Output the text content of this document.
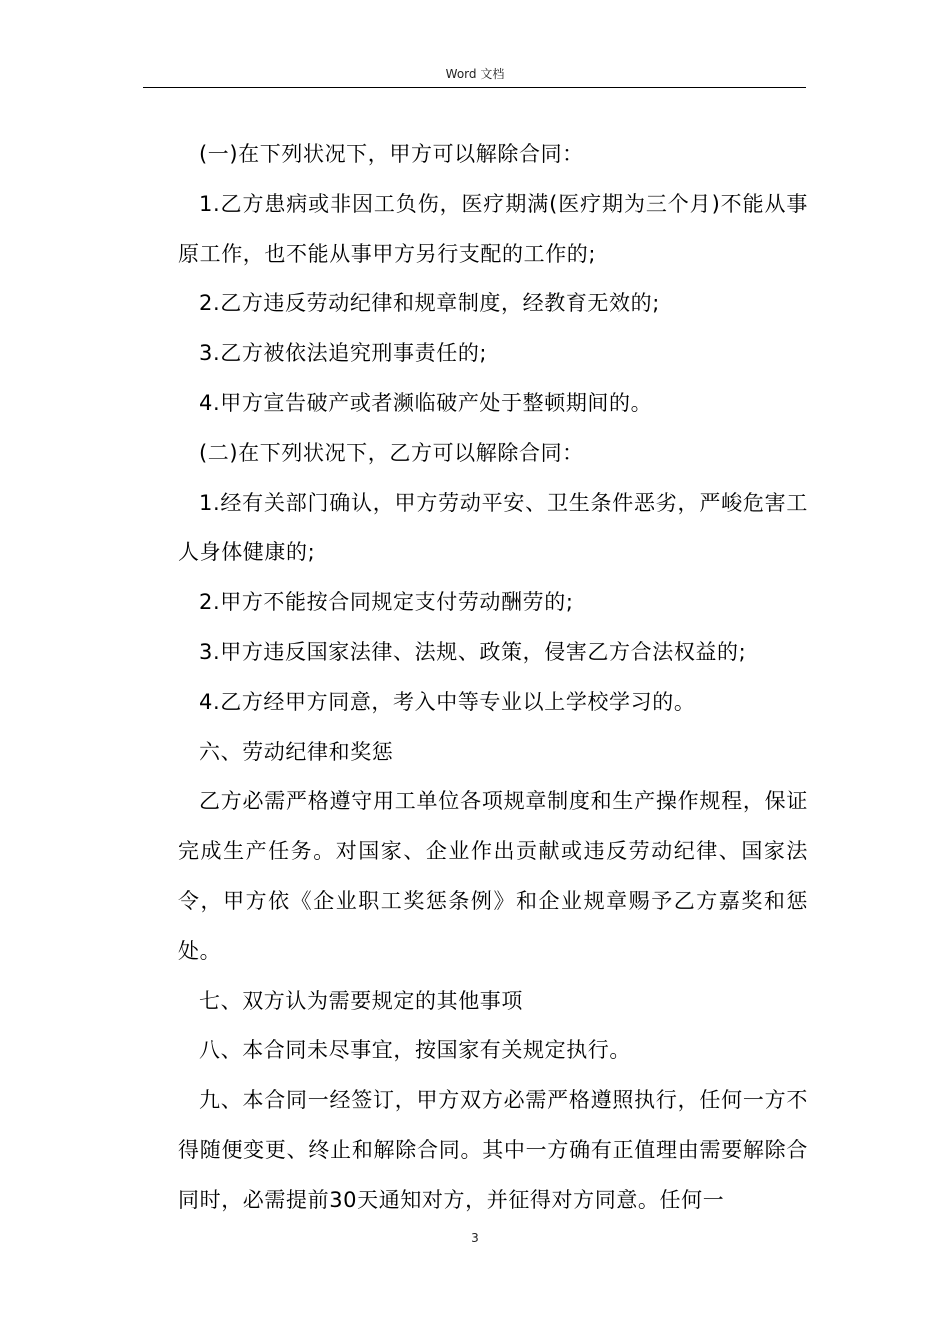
Word 文档

(一)在下列状况下，甲方可以解除合同：

1.乙方患病或非因工负伤，医疗期满(医疗期为三个月)不能从事原工作，也不能从事甲方另行支配的工作的;

2.乙方违反劳动纪律和规章制度，经教育无效的;

3.乙方被依法追究刑事责任的;

4.甲方宣告破产或者濒临破产处于整顿期间的。

(二)在下列状况下，乙方可以解除合同：

1.经有关部门确认，甲方劳动平安、卫生条件恶劣，严峻危害工人身体健康的;

2.甲方不能按合同规定支付劳动酬劳的;

3.甲方违反国家法律、法规、政策，侵害乙方合法权益的;

4.乙方经甲方同意，考入中等专业以上学校学习的。

六、劳动纪律和奖惩

乙方必需严格遵守用工单位各项规章制度和生产操作规程，保证完成生产任务。对国家、企业作出贡献或违反劳动纪律、国家法令，甲方依《企业职工奖惩条例》和企业规章赐予乙方嘉奖和惩处。

七、双方认为需要规定的其他事项

八、本合同未尽事宜，按国家有关规定执行。

九、本合同一经签订，甲方双方必需严格遵照执行，任何一方不得随便变更、终止和解除合同。其中一方确有正值理由需要解除合同时，必需提前30天通知对方，并征得对方同意。任何一

3
